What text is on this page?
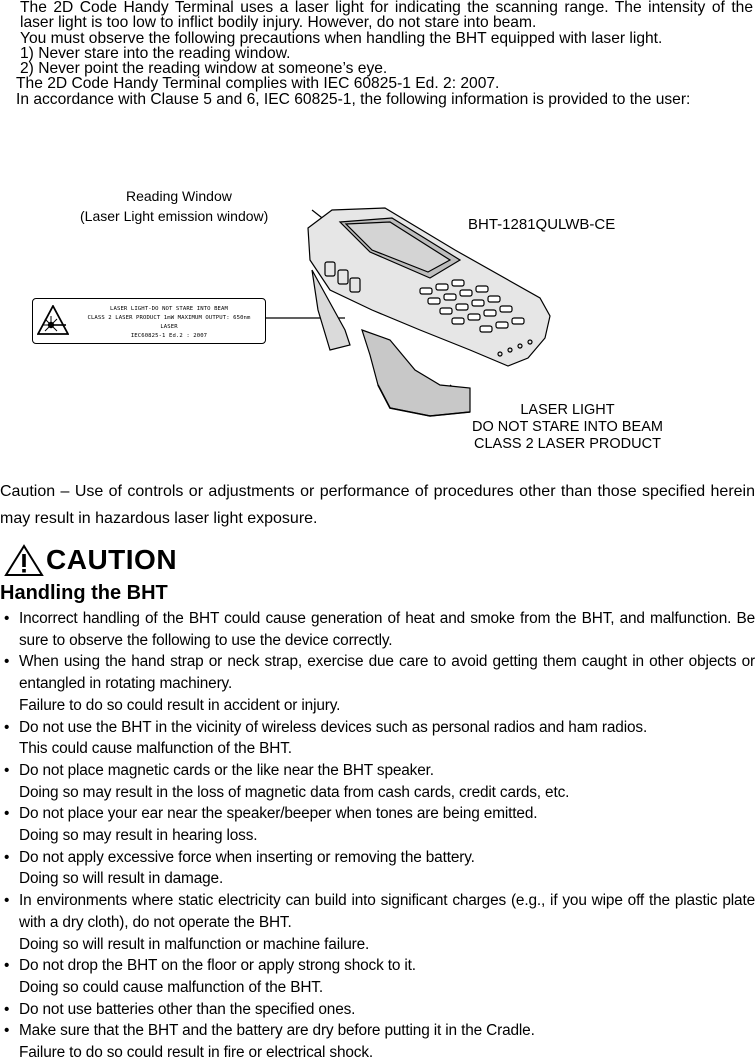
The 2D Code Handy Terminal uses a laser light for indicating the scanning range. The intensity of the laser light is too low to inflict bodily injury. However, do not stare into beam.

You must observe the following precautions when handling the BHT equipped with laser light.

1) Never stare into the reading window.

2) Never point the reading window at someone’s eye.

The 2D Code Handy Terminal complies with IEC 60825-1 Ed. 2: 2007.

In accordance with Clause 5 and 6, IEC 60825-1, the following information is provided to the user:

Reading Window
(Laser Light emission window)	BHT-1281QULWB-CE
LASER LIGHT-DO NOT STARE INTO BEAM
CLASS 2 LASER PRODUCT 1mW MAXIMUM OUTPUT: 650nm LASER
IEC60825-1 Ed.2 : 2007
LASER LIGHT
DO NOT STARE INTO BEAM
CLASS 2 LASER PRODUCT
Caution – Use of controls or adjustments or performance of procedures other than those specified herein may result in hazardous laser light exposure.
CAUTION
Handling the BHT
• Incorrect handling of the BHT could cause generation of heat and smoke from the BHT, and malfunction. Be sure to observe the following to use the device correctly.
• When using the hand strap or neck strap, exercise due care to avoid getting them caught in other objects or entangled in rotating machinery.
Failure to do so could result in accident or injury.
• Do not use the BHT in the vicinity of wireless devices such as personal radios and ham radios.
This could cause malfunction of the BHT.
• Do not place magnetic cards or the like near the BHT speaker.
Doing so may result in the loss of magnetic data from cash cards, credit cards, etc.
• Do not place your ear near the speaker/beeper when tones are being emitted.
Doing so may result in hearing loss.
• Do not apply excessive force when inserting or removing the battery.
Doing so will result in damage.
• In environments where static electricity can build into significant charges (e.g., if you wipe off the plastic plate with a dry cloth), do not operate the BHT.
Doing so will result in malfunction or machine failure.
• Do not drop the BHT on the floor or apply strong shock to it.
Doing so could cause malfunction of the BHT.
• Do not use batteries other than the specified ones.
• Make sure that the BHT and the battery are dry before putting it in the Cradle.
Failure to do so could result in fire or electrical shock.
